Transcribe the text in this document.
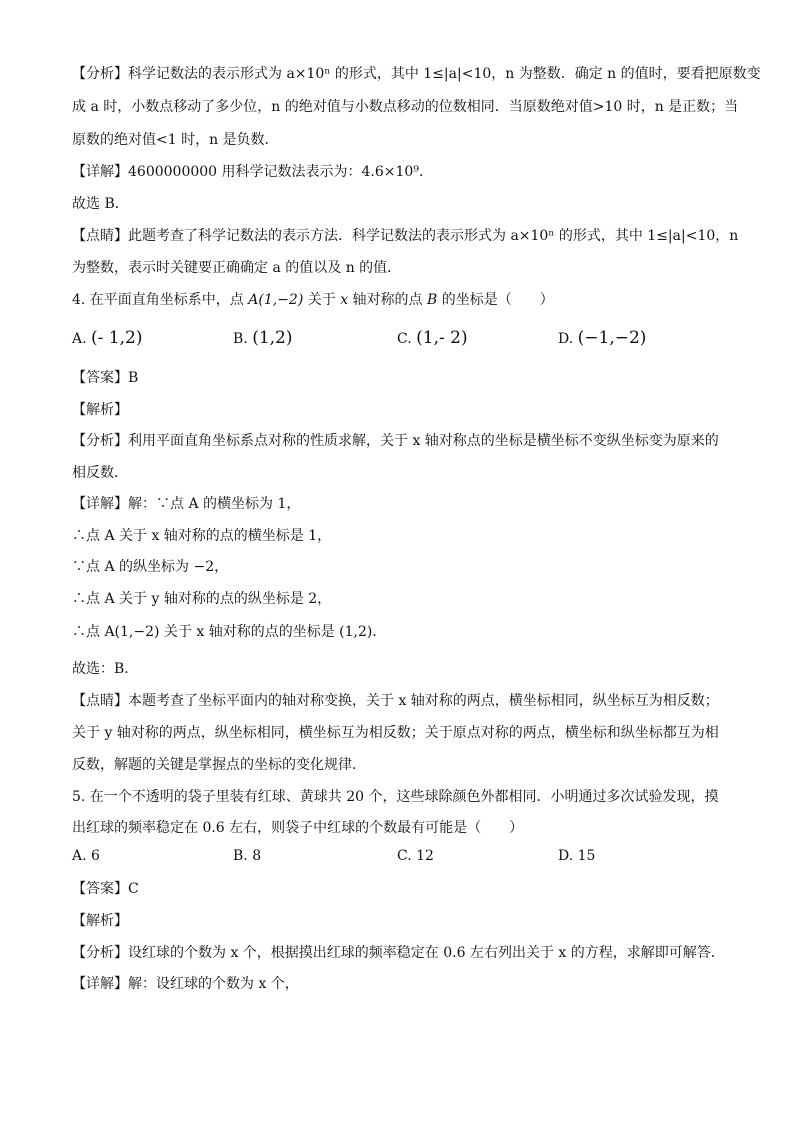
【分析】科学记数法的表示形式为 a×10ⁿ 的形式，其中 1≤|a|<10，n 为整数．确定 n 的值时，要看把原数变
成 a 时，小数点移动了多少位，n 的绝对值与小数点移动的位数相同．当原数绝对值>10 时，n 是正数；当
原数的绝对值<1 时，n 是负数．
【详解】4600000000 用科学记数法表示为：4.6×10⁹．
故选 B．
【点睛】此题考查了科学记数法的表示方法．科学记数法的表示形式为 a×10ⁿ 的形式，其中 1≤|a|<10，n
为整数，表示时关键要正确确定 a 的值以及 n 的值．
4. 在平面直角坐标系中，点 A(1,−2) 关于 x 轴对称的点 B 的坐标是（　　）
A. (- 1,2)	B. (1,2)	C. (1,- 2)	D. (−1,−2)
【答案】B
【解析】
【分析】利用平面直角坐标系点对称的性质求解，关于 x 轴对称点的坐标是横坐标不变纵坐标变为原来的
相反数．
【详解】解：∵点 A 的横坐标为 1，
∴点 A 关于 x 轴对称的点的横坐标是 1，
∵点 A 的纵坐标为 −2，
∴点 A 关于 y 轴对称的点的纵坐标是 2，
∴点 A(1,−2) 关于 x 轴对称的点的坐标是 (1,2)．
故选：B．
【点睛】本题考查了坐标平面内的轴对称变换，关于 x 轴对称的两点，横坐标相同，纵坐标互为相反数；
关于 y 轴对称的两点，纵坐标相同，横坐标互为相反数；关于原点对称的两点，横坐标和纵坐标都互为相
反数，解题的关键是掌握点的坐标的变化规律．
5. 在一个不透明的袋子里装有红球、黄球共 20 个，这些球除颜色外都相同．小明通过多次试验发现，摸
出红球的频率稳定在 0.6 左右，则袋子中红球的个数最有可能是（　　）
A. 6	B. 8	C. 12	D. 15
【答案】C
【解析】
【分析】设红球的个数为 x 个，根据摸出红球的频率稳定在 0.6 左右列出关于 x 的方程，求解即可解答．
【详解】解：设红球的个数为 x 个，
